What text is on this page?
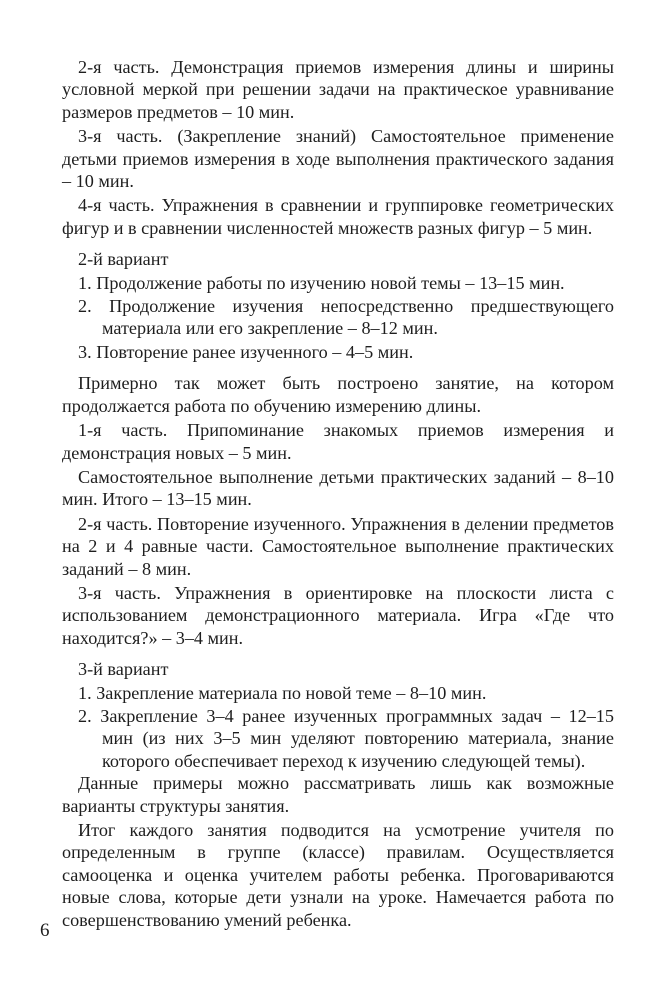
2-я часть. Демонстрация приемов измерения длины и ширины условной меркой при решении задачи на практическое уравнивание размеров предметов – 10 мин.

3-я часть. (Закрепление знаний) Самостоятельное применение детьми приемов измерения в ходе выполнения практического задания – 10 мин.

4-я часть. Упражнения в сравнении и группировке геометрических фигур и в сравнении численностей множеств разных фигур – 5 мин.

2-й вариант

1. Продолжение работы по изучению новой темы – 13–15 мин.
2. Продолжение изучения непосредственно предшествующего материала или его закрепление – 8–12 мин.
3. Повторение ранее изученного – 4–5 мин.

Примерно так может быть построено занятие, на котором продолжается работа по обучению измерению длины.

1-я часть. Припоминание знакомых приемов измерения и демонстрация новых – 5 мин.

Самостоятельное выполнение детьми практических заданий – 8–10 мин. Итого – 13–15 мин.

2-я часть. Повторение изученного. Упражнения в делении предметов на 2 и 4 равные части. Самостоятельное выполнение практических заданий – 8 мин.

3-я часть. Упражнения в ориентировке на плоскости листа с использованием демонстрационного материала. Игра «Где что находится?» – 3–4 мин.

3-й вариант

1. Закрепление материала по новой теме – 8–10 мин.
2. Закрепление 3–4 ранее изученных программных задач – 12–15 мин (из них 3–5 мин уделяют повторению материала, знание которого обеспечивает переход к изучению следующей темы).

Данные примеры можно рассматривать лишь как возможные варианты структуры занятия.

Итог каждого занятия подводится на усмотрение учителя по определенным в группе (классе) правилам. Осуществляется самооценка и оценка учителем работы ребенка. Проговариваются новые слова, которые дети узнали на уроке. Намечается работа по совершенствованию умений ребенка.

6
